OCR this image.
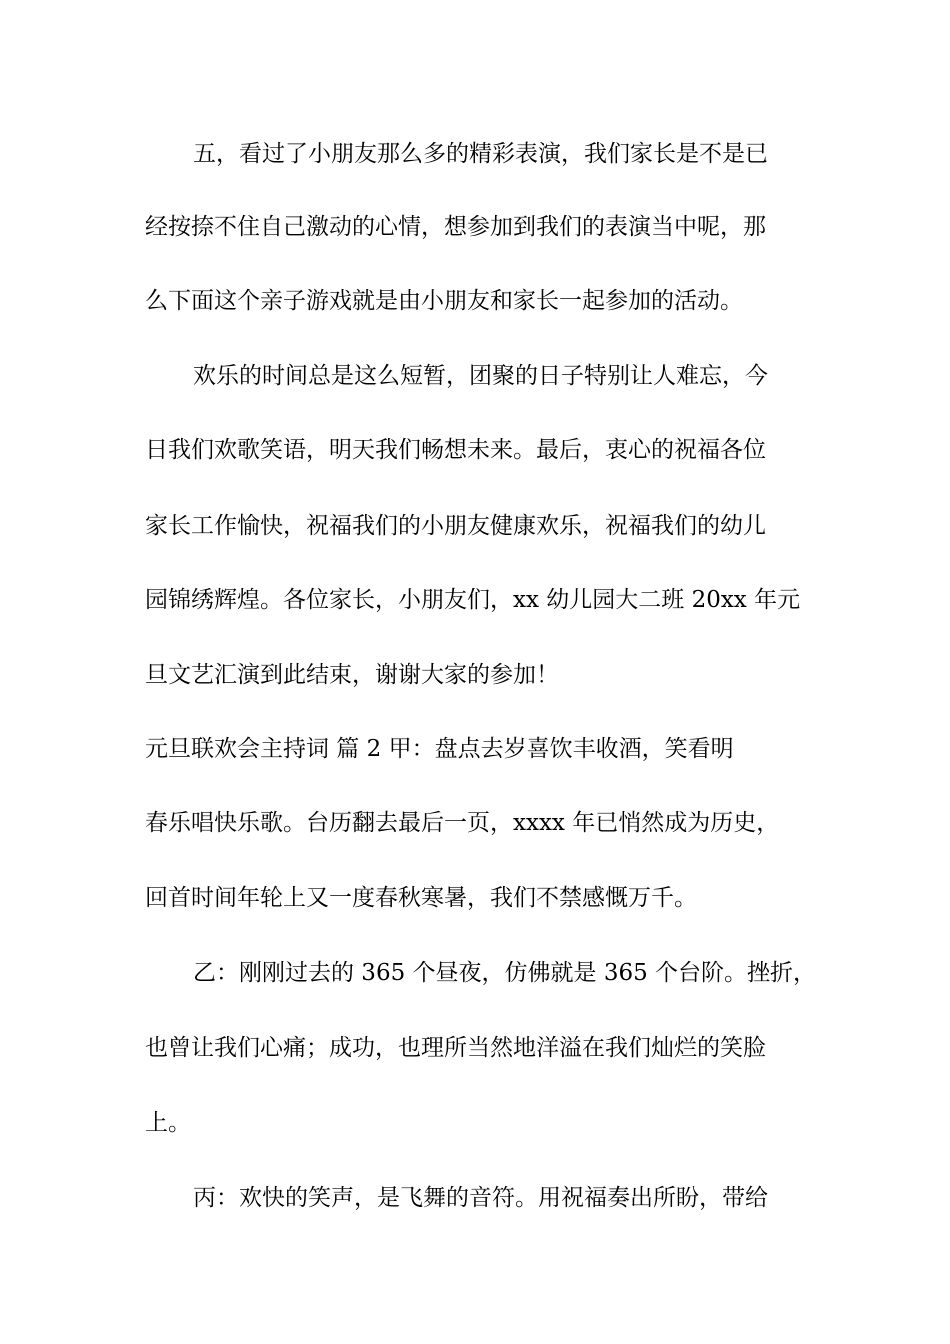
五，看过了小朋友那么多的精彩表演，我们家长是不是已
经按捺不住自己激动的心情，想参加到我们的表演当中呢，那
么下面这个亲子游戏就是由小朋友和家长一起参加的活动。
欢乐的时间总是这么短暂，团聚的日子特别让人难忘，今
日我们欢歌笑语，明天我们畅想未来。最后，衷心的祝福各位
家长工作愉快，祝福我们的小朋友健康欢乐，祝福我们的幼儿
园锦绣辉煌。各位家长，小朋友们，xx 幼儿园大二班 20xx 年元
旦文艺汇演到此结束，谢谢大家的参加！
元旦联欢会主持词 篇 2 甲：盘点去岁喜饮丰收酒，笑看明
春乐唱快乐歌。台历翻去最后一页，xxxx 年已悄然成为历史，
回首时间年轮上又一度春秋寒暑，我们不禁感慨万千。
乙：刚刚过去的 365 个昼夜，仿佛就是 365 个台阶。挫折，
也曾让我们心痛；成功，也理所当然地洋溢在我们灿烂的笑脸
上。
丙：欢快的笑声，是飞舞的音符。用祝福奏出所盼，带给
